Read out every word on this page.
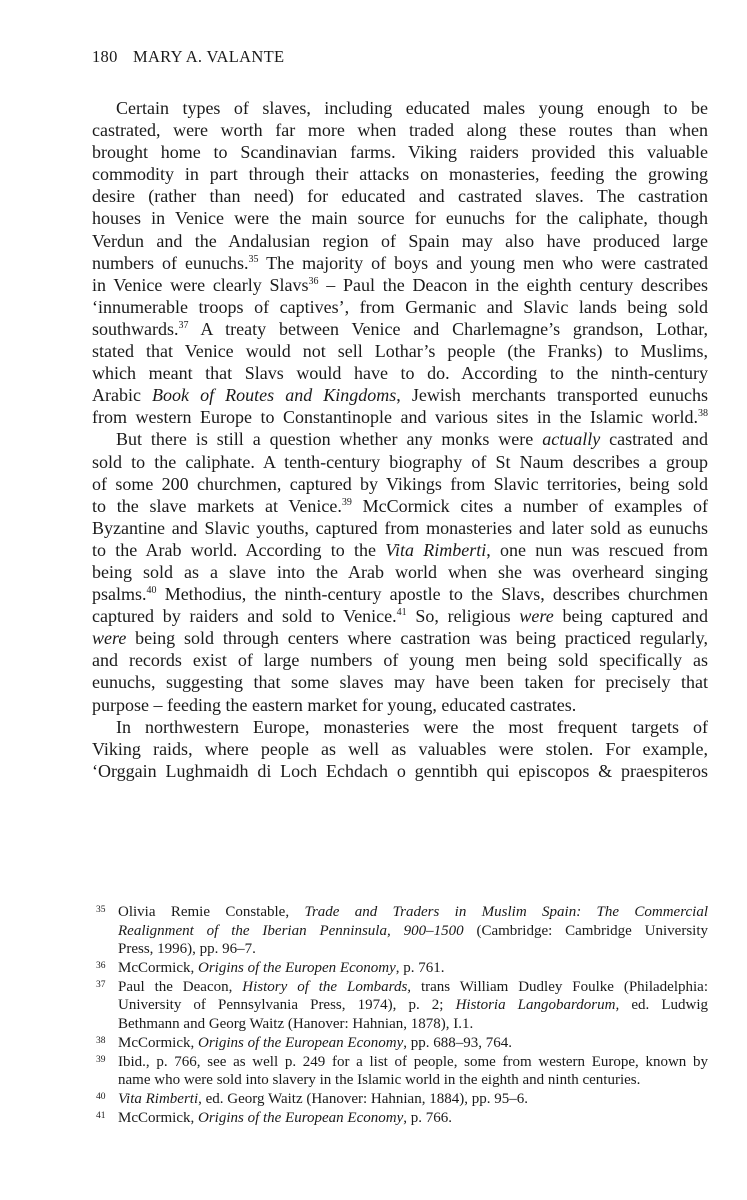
180 MARY A. VALANTE
Certain types of slaves, including educated males young enough to be
castrated, were worth far more when traded along these routes than when
brought home to Scandinavian farms. Viking raiders provided this valuable
commodity in part through their attacks on monasteries, feeding the growing
desire (rather than need) for educated and castrated slaves. The castration
houses in Venice were the main source for eunuchs for the caliphate, though
Verdun and the Andalusian region of Spain may also have produced large
numbers of eunuchs.$^{35}$ The majority of boys and young men who were castrated
in Venice were clearly Slavs$^{36}$ – Paul the Deacon in the eighth century describes
‘innumerable troops of captives’, from Germanic and Slavic lands being sold
southwards.$^{37}$ A treaty between Venice and Charlemagne’s grandson, Lothar,
stated that Venice would not sell Lothar’s people (the Franks) to Muslims,
which meant that Slavs would have to do. According to the ninth-century
Arabic Book of Routes and Kingdoms, Jewish merchants transported eunuchs
from western Europe to Constantinople and various sites in the Islamic world.$^{38}$
But there is still a question whether any monks were actually castrated and
sold to the caliphate. A tenth-century biography of St Naum describes a group
of some 200 churchmen, captured by Vikings from Slavic territories, being sold
to the slave markets at Venice.$^{39}$ McCormick cites a number of examples of
Byzantine and Slavic youths, captured from monasteries and later sold as eunuchs
to the Arab world. According to the Vita Rimberti, one nun was rescued from
being sold as a slave into the Arab world when she was overheard singing
psalms.$^{40}$ Methodius, the ninth-century apostle to the Slavs, describes churchmen
captured by raiders and sold to Venice.$^{41}$ So, religious were being captured and
were being sold through centers where castration was being practiced regularly,
and records exist of large numbers of young men being sold specifically as
eunuchs, suggesting that some slaves may have been taken for precisely that
purpose – feeding the eastern market for young, educated castrates.
In northwestern Europe, monasteries were the most frequent targets of
Viking raids, where people as well as valuables were stolen. For example,
‘Orggain Lughmaidh di Loch Echdach o genntibh qui episcopos & praespiteros
35 Olivia Remie Constable, Trade and Traders in Muslim Spain: The Commercial
Realignment of the Iberian Penninsula, 900–1500 (Cambridge: Cambridge University
Press, 1996), pp. 96–7.
36 McCormick, Origins of the Europen Economy, p. 761.
37 Paul the Deacon, History of the Lombards, trans William Dudley Foulke (Philadelphia:
University of Pennsylvania Press, 1974), p. 2; Historia Langobardorum, ed. Ludwig
Bethmann and Georg Waitz (Hanover: Hahnian, 1878), I.1.
38 McCormick, Origins of the European Economy, pp. 688–93, 764.
39 Ibid., p. 766, see as well p. 249 for a list of people, some from western Europe, known by
name who were sold into slavery in the Islamic world in the eighth and ninth centuries.
40 Vita Rimberti, ed. Georg Waitz (Hanover: Hahnian, 1884), pp. 95–6.
41 McCormick, Origins of the European Economy, p. 766.
